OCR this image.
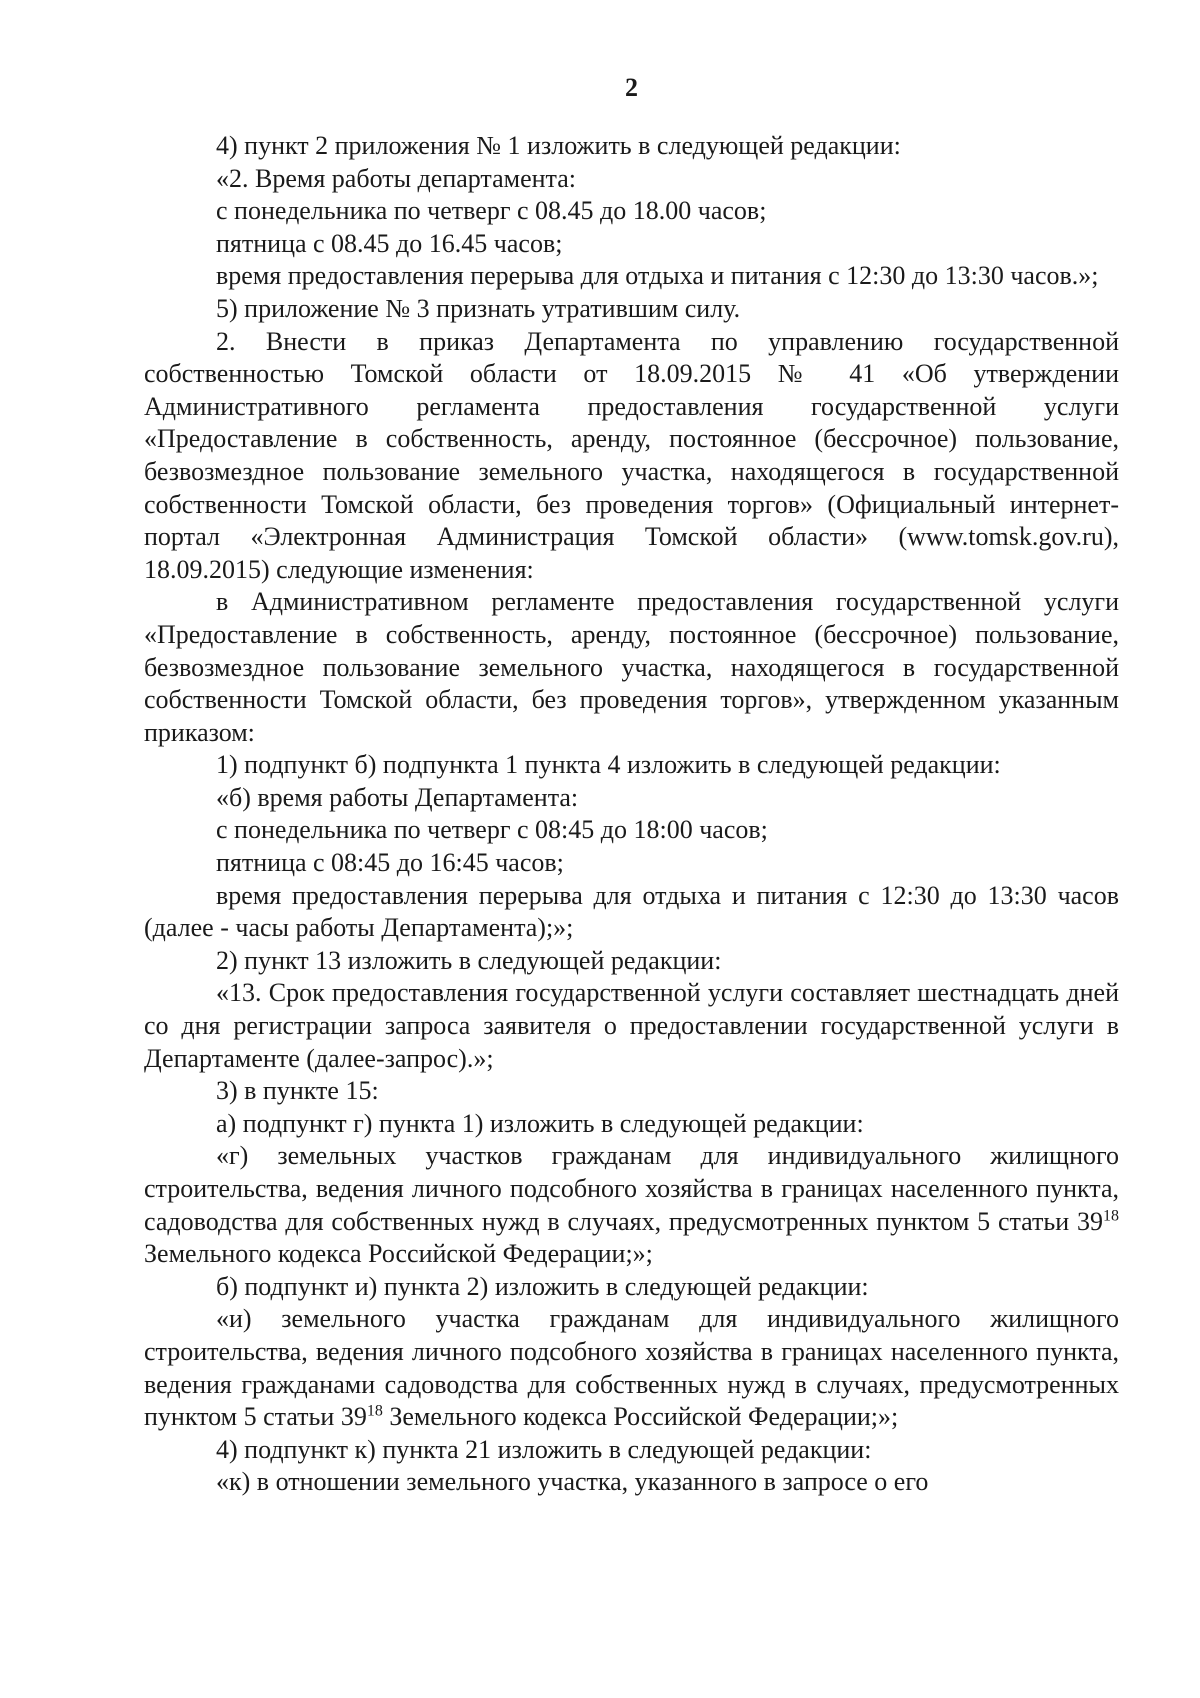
2

4) пункт 2 приложения № 1 изложить в следующей редакции:

«2. Время работы департамента:

с понедельника по четверг с 08.45 до 18.00 часов;

пятница с 08.45 до 16.45 часов;

время предоставления перерыва для отдыха и питания с 12:30 до 13:30 часов.»;

5) приложение № 3 признать утратившим силу.

2. Внести в приказ Департамента по управлению государственной собственностью Томской области от 18.09.2015 № 41 «Об утверждении Административного регламента предоставления государственной услуги «Предоставление в собственность, аренду, постоянное (бессрочное) пользование, безвозмездное пользование земельного участка, находящегося в государственной собственности Томской области, без проведения торгов» (Официальный интернет-портал «Электронная Администрация Томской области» (www.tomsk.gov.ru), 18.09.2015) следующие изменения:

в Административном регламенте предоставления государственной услуги «Предоставление в собственность, аренду, постоянное (бессрочное) пользование, безвозмездное пользование земельного участка, находящегося в государственной собственности Томской области, без проведения торгов», утвержденном указанным приказом:

1) подпункт б) подпункта 1 пункта 4 изложить в следующей редакции:

«б) время работы Департамента:

с понедельника по четверг с 08:45 до 18:00 часов;

пятница с 08:45 до 16:45 часов;

время предоставления перерыва для отдыха и питания с 12:30 до 13:30 часов (далее - часы работы Департамента);»;

2) пункт 13 изложить в следующей редакции:

«13. Срок предоставления государственной услуги составляет шестнадцать дней со дня регистрации запроса заявителя о предоставлении государственной услуги в Департаменте (далее-запрос).»;

3) в пункте 15:

а) подпункт г) пункта 1) изложить в следующей редакции:

«г) земельных участков гражданам для индивидуального жилищного строительства, ведения личного подсобного хозяйства в границах населенного пункта, садоводства для собственных нужд в случаях, предусмотренных пунктом 5 статьи $39^{18}$ Земельного кодекса Российской Федерации;»;

б) подпункт и) пункта 2) изложить в следующей редакции:

«и) земельного участка гражданам для индивидуального жилищного строительства, ведения личного подсобного хозяйства в границах населенного пункта, ведения гражданами садоводства для собственных нужд в случаях, предусмотренных пунктом 5 статьи $39^{18}$ Земельного кодекса Российской Федерации;»;

4) подпункт к) пункта 21 изложить в следующей редакции:

«к) в отношении земельного участка, указанного в запросе о его
